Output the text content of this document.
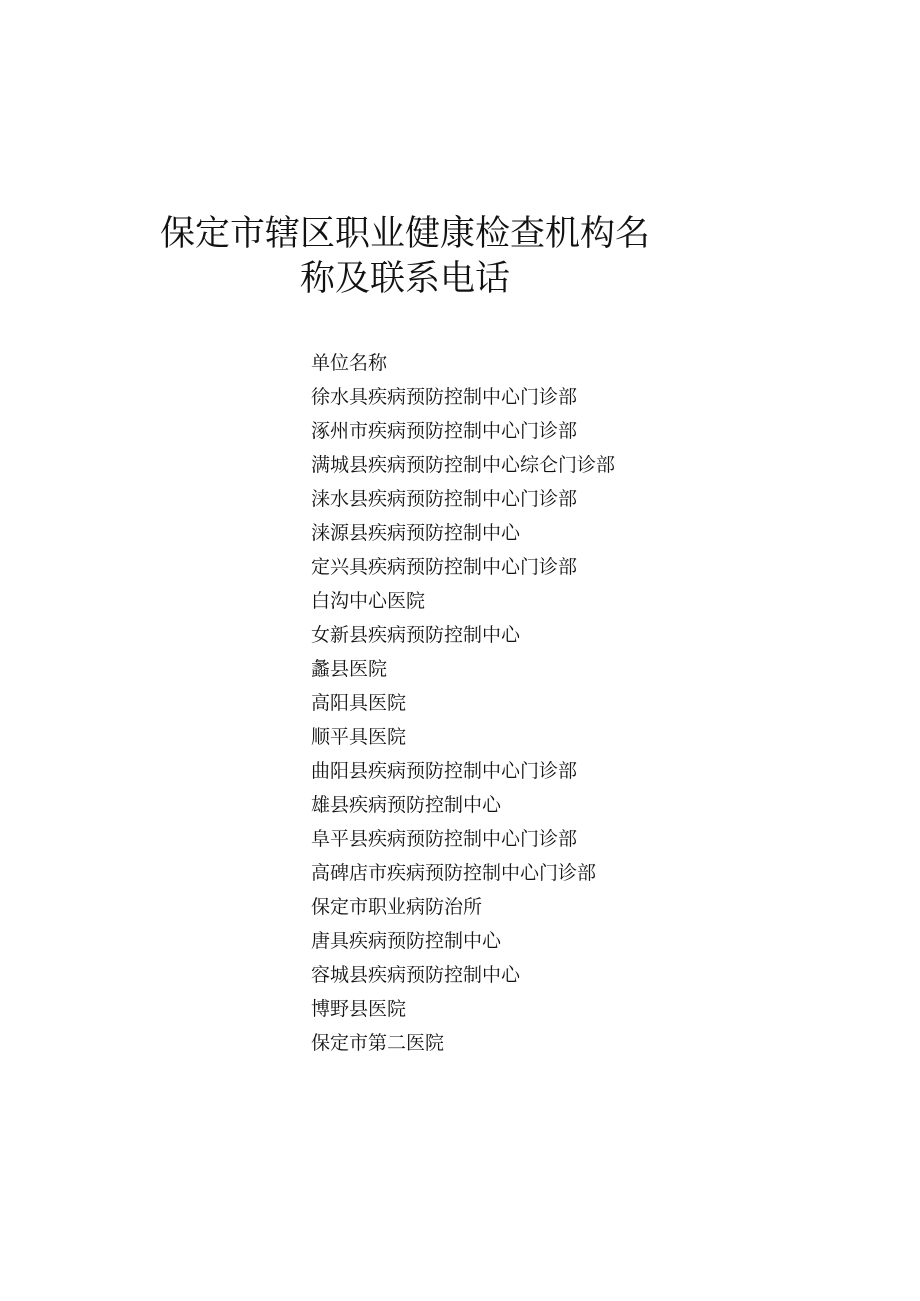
保定市辖区职业健康检查机构名
称及联系电话
单位名称
徐水具疾病预防控制中心门诊部
涿州市疾病预防控制中心门诊部
满城县疾病预防控制中心综仑门诊部
涞水县疾病预防控制中心门诊部
涞源县疾病预防控制中心
定兴具疾病预防控制中心门诊部
白沟中心医院
女新县疾病预防控制中心
蠡县医院
高阳具医院
顺平具医院
曲阳县疾病预防控制中心门诊部
雄县疾病预防控制中心
阜平县疾病预防控制中心门诊部
高碑店市疾病预防控制中心门诊部
保定市职业病防治所
唐具疾病预防控制中心
容城县疾病预防控制中心
博野县医院
保定市第二医院
